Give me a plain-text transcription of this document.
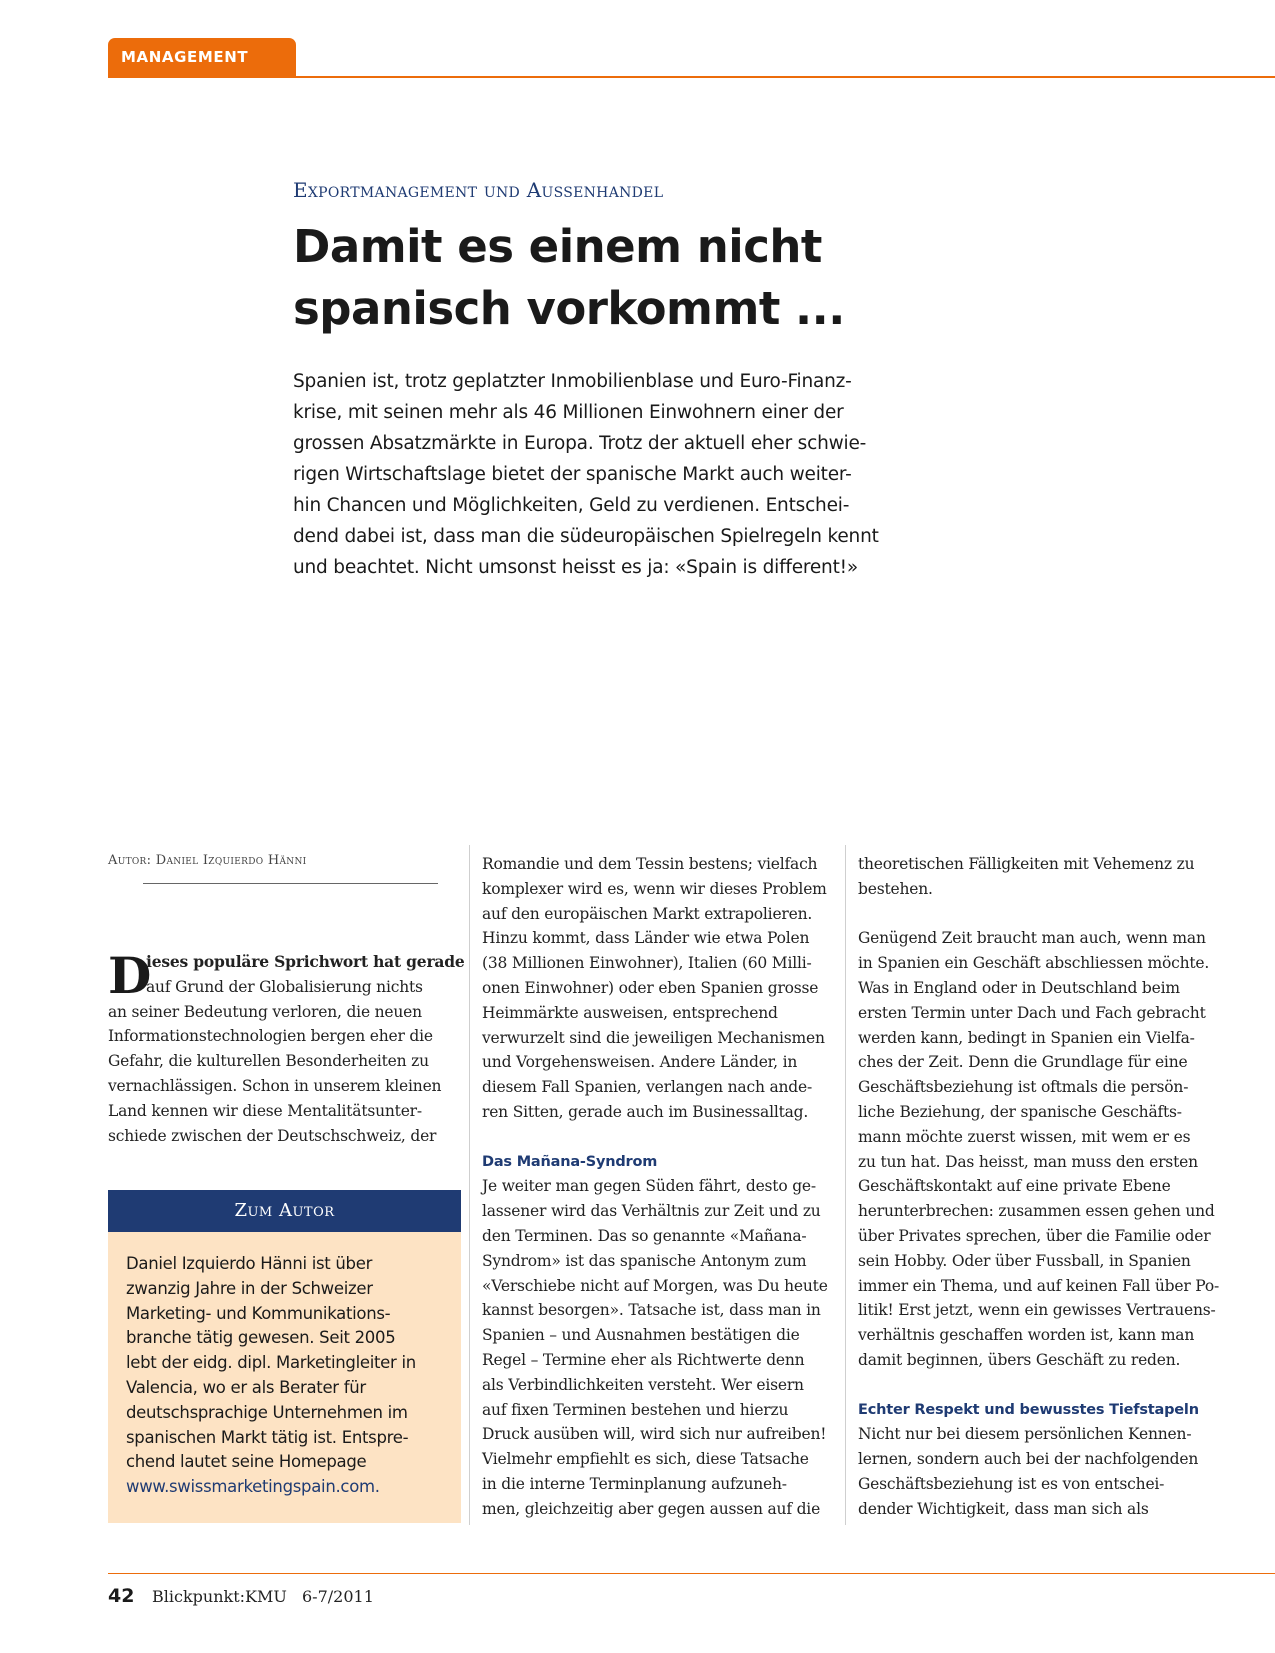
MANAGEMENT
Exportmanagement und Aussenhandel
Damit es einem nicht
spanisch vorkommt ...
Spanien ist, trotz geplatzter Inmobilienblase und Euro-Finanz-
krise, mit seinen mehr als 46 Millionen Einwohnern einer der
grossen Absatzmärkte in Europa. Trotz der aktuell eher schwie-
rigen Wirtschaftslage bietet der spanische Markt auch weiter-
hin Chancen und Möglichkeiten, Geld zu verdienen. Entschei-
dend dabei ist, dass man die südeuropäischen Spielregeln kennt
und beachtet. Nicht umsonst heisst es ja: «Spain is different!»
Autor: Daniel Izquierdo Hänni
D
ieses populäre Sprichwort hat gerade
auf Grund der Globalisierung nichts
an seiner Bedeutung verloren, die neuen
Informationstechnologien bergen eher die
Gefahr, die kulturellen Besonderheiten zu
vernachlässigen. Schon in unserem kleinen
Land kennen wir diese Mentalitätsunter-
schiede zwischen der Deutschschweiz, der
Zum Autor
Daniel Izquierdo Hänni ist über
zwanzig Jahre in der Schweizer
Marketing- und Kommunikations-
branche tätig gewesen. Seit 2005
lebt der eidg. dipl. Marketingleiter in
Valencia, wo er als Berater für
deutschsprachige Unternehmen im
spanischen Markt tätig ist. Entspre-
chend lautet seine Homepage
www.swissmarketingspain.com.
Romandie und dem Tessin bestens; vielfach
komplexer wird es, wenn wir dieses Problem
auf den europäischen Markt extrapolieren.
Hinzu kommt, dass Länder wie etwa Polen
(38 Millionen Einwohner), Italien (60 Milli-
onen Einwohner) oder eben Spanien grosse
Heimmärkte ausweisen, entsprechend
verwurzelt sind die jeweiligen Mechanismen
und Vorgehensweisen. Andere Länder, in
diesem Fall Spanien, verlangen nach ande-
ren Sitten, gerade auch im Businessalltag.
Das Mañana-Syndrom
Je weiter man gegen Süden fährt, desto ge-
lassener wird das Verhältnis zur Zeit und zu
den Terminen. Das so genannte «Mañana-
Syndrom» ist das spanische Antonym zum
«Verschiebe nicht auf Morgen, was Du heute
kannst besorgen». Tatsache ist, dass man in
Spanien – und Ausnahmen bestätigen die
Regel – Termine eher als Richtwerte denn
als Verbindlichkeiten versteht. Wer eisern
auf fixen Terminen bestehen und hierzu
Druck ausüben will, wird sich nur aufreiben!
Vielmehr empfiehlt es sich, diese Tatsache
in die interne Terminplanung aufzuneh-
men, gleichzeitig aber gegen aussen auf die
theoretischen Fälligkeiten mit Vehemenz zu
bestehen.
Genügend Zeit braucht man auch, wenn man
in Spanien ein Geschäft abschliessen möchte.
Was in England oder in Deutschland beim
ersten Termin unter Dach und Fach gebracht
werden kann, bedingt in Spanien ein Vielfa-
ches der Zeit. Denn die Grundlage für eine
Geschäftsbeziehung ist oftmals die persön-
liche Beziehung, der spanische Geschäfts-
mann möchte zuerst wissen, mit wem er es
zu tun hat. Das heisst, man muss den ersten
Geschäftskontakt auf eine private Ebene
herunterbrechen: zusammen essen gehen und
über Privates sprechen, über die Familie oder
sein Hobby. Oder über Fussball, in Spanien
immer ein Thema, und auf keinen Fall über Po-
litik! Erst jetzt, wenn ein gewisses Vertrauens-
verhältnis geschaffen worden ist, kann man
damit beginnen, übers Geschäft zu reden.
Echter Respekt und bewusstes Tiefstapeln
Nicht nur bei diesem persönlichen Kennen-
lernen, sondern auch bei der nachfolgenden
Geschäftsbeziehung ist es von entschei-
dender Wichtigkeit, dass man sich als
42 Blickpunkt:KMU 6-7/2011
